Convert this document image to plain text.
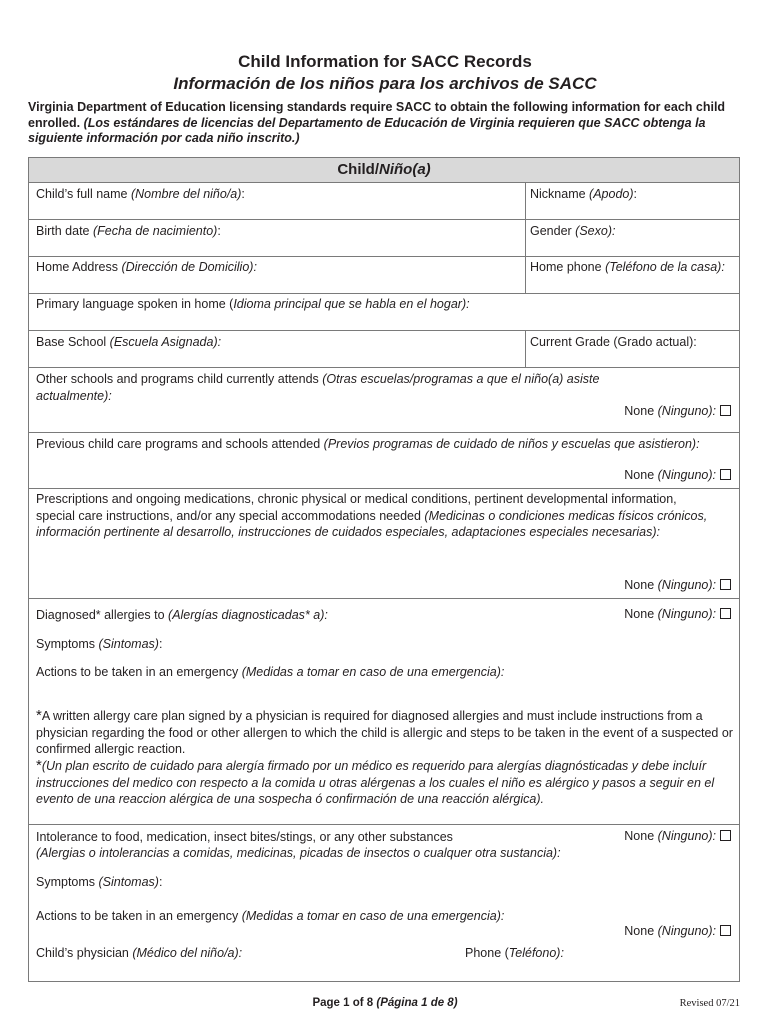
Child Information for SACC Records
Información de los niños para los archivos de SACC
Virginia Department of Education licensing standards require SACC to obtain the following information for each child enrolled. (Los estándares de licencias del Departamento de Educación de Virginia requieren que SACC obtenga la siguiente información por cada niño inscrito.)
Child/Niño(a)
Child’s full name (Nombre del niño/a):	Nickname (Apodo):
Birth date (Fecha de nacimiento):	Gender (Sexo):
Home Address (Dirección de Domicilio):	Home phone (Teléfono de la casa):
Primary language spoken in home (Idioma principal que se habla en el hogar):
Base School (Escuela Asignada):	Current Grade (Grado actual):
Other schools and programs child currently attends (Otras escuelas/programas a que el niño(a) asiste actualmente):
None (Ninguno):
Previous child care programs and schools attended (Previos programas de cuidado de niños y escuelas que asistieron):
None (Ninguno):
Prescriptions and ongoing medications, chronic physical or medical conditions, pertinent developmental information, special care instructions, and/or any special accommodations needed (Medicinas o condiciones medicas físicos crónicos, información pertinente al desarrollo, instrucciones de cuidados especiales, adaptaciones especiales necesarias):
None (Ninguno):
Diagnosed* allergies to (Alergías diagnosticadas* a):	None (Ninguno):
Symptoms (Sintomas):
Actions to be taken in an emergency (Medidas a tomar en caso de una emergencia):
*A written allergy care plan signed by a physician is required for diagnosed allergies and must include instructions from a physician regarding the food or other allergen to which the child is allergic and steps to be taken in the event of a suspected or confirmed allergic reaction.
*(Un plan escrito de cuidado para alergía firmado por un médico es requerido para alergías diagnósticadas y debe incluír instrucciones del medico con respecto a la comida u otras alérgenas a los cuales el niño es alérgico y pasos a seguir en el evento de una reaccion alérgica de una sospecha ó confirmación de una reacción alérgica).
Intolerance to food, medication, insect bites/stings, or any other substances	None (Ninguno):
(Alergias o intolerancias a comidas, medicinas, picadas de insectos o cualquer otra sustancia):
Symptoms (Sintomas):
Actions to be taken in an emergency (Medidas a tomar en caso de una emergencia):
None (Ninguno):
Child’s physician (Médico del niño/a):	Phone (Teléfono):
Page 1 of 8 (Página 1 de 8)	Revised 07/21
